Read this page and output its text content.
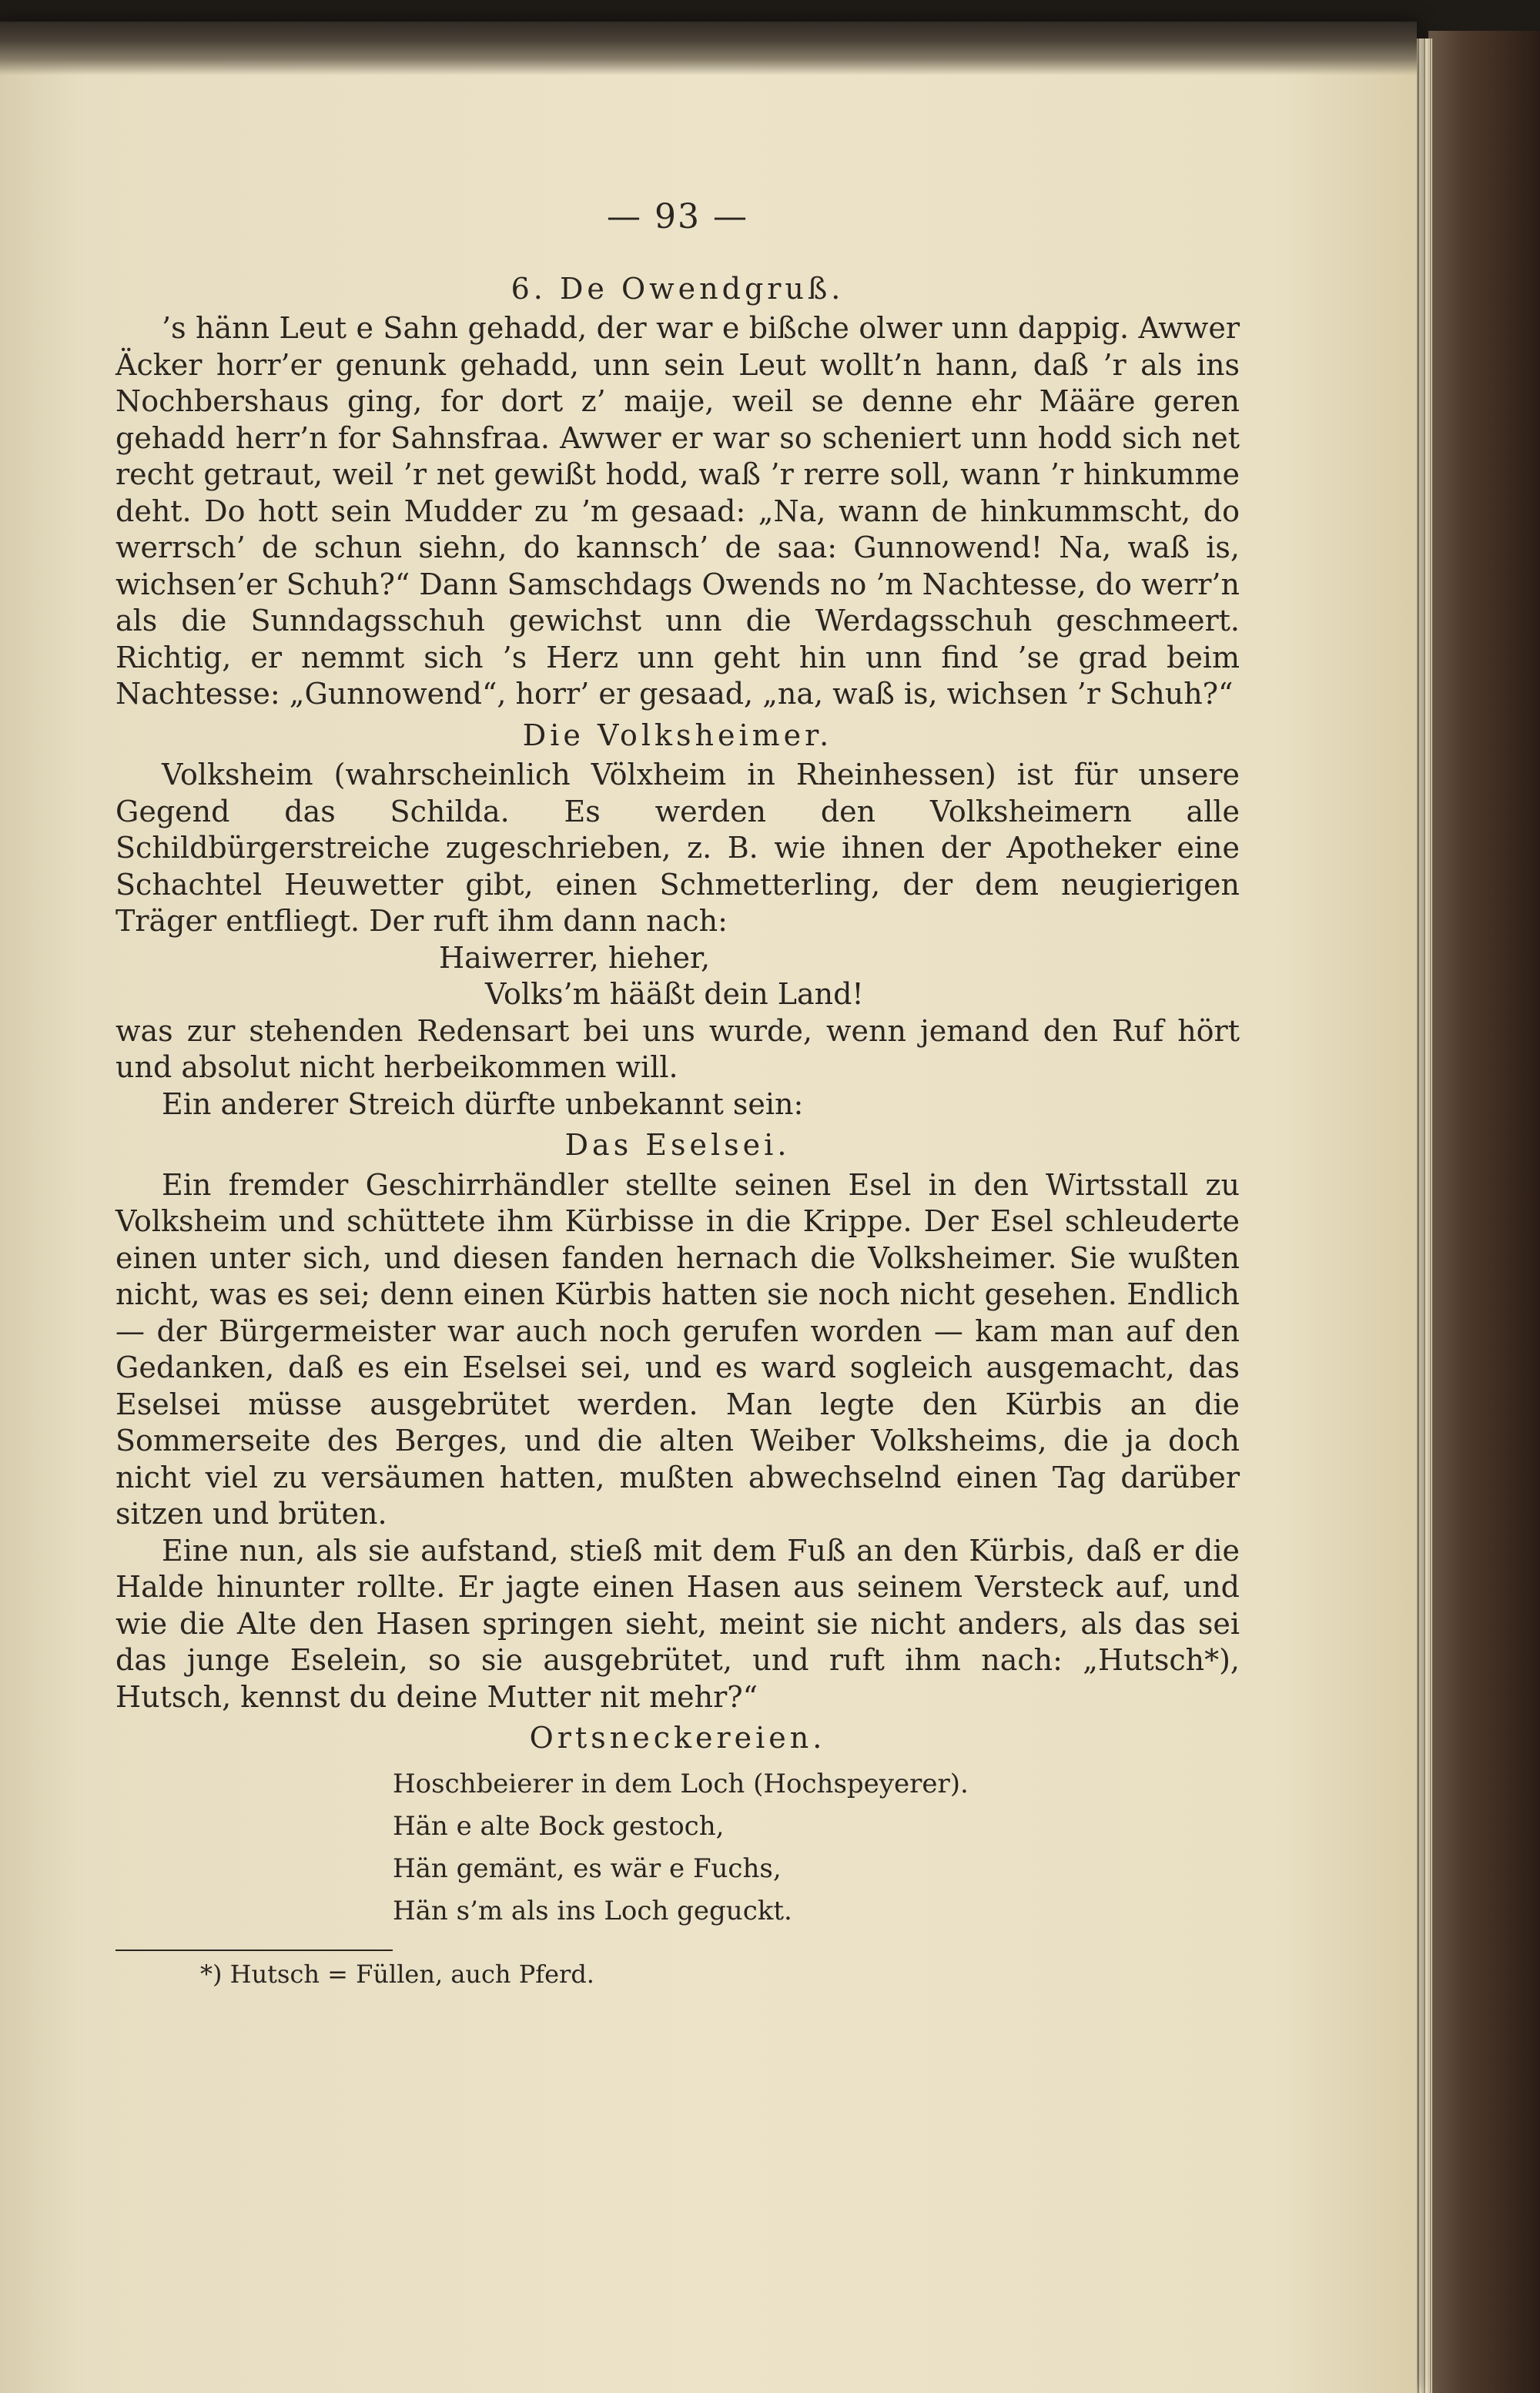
— 93 —
6. De Owendgruß.

’s hänn Leut e Sahn gehadd, der war e bißche olwer unn dappig. Awwer Äcker horr’er genunk gehadd, unn sein Leut wollt’n hann, daß ’r als ins Nochbershaus ging, for dort z’ maije, weil se denne ehr Määre geren gehadd herr’n for Sahnsfraa. Awwer er war so scheniert unn hodd sich net recht getraut, weil ’r net gewißt hodd, waß ’r rerre soll, wann ’r hinkumme deht. Do hott sein Mudder zu ’m gesaad: „Na, wann de hinkummscht, do werrsch’ de schun siehn, do kannsch’ de saa: Gunnowend! Na, waß is, wichsen’er Schuh?“ Dann Samschdags Owends no ’m Nachtesse, do werr’n als die Sunndagsschuh gewichst unn die Werdagsschuh geschmeert. Richtig, er nemmt sich ’s Herz unn geht hin unn find ’se grad beim Nachtesse: „Gunnowend“, horr’ er gesaad, „na, waß is, wichsen ’r Schuh?“

Die Volksheimer.

Volksheim (wahrscheinlich Völxheim in Rheinhessen) ist für unsere Gegend das Schilda. Es werden den Volksheimern alle Schildbürgerstreiche zugeschrieben, z. B. wie ihnen der Apotheker eine Schachtel Heuwetter gibt, einen Schmetterling, der dem neugierigen Träger entfliegt. Der ruft ihm dann nach:

Haiwerrer, hieher,
Volks’m hääßt dein Land!

was zur stehenden Redensart bei uns wurde, wenn jemand den Ruf hört und absolut nicht herbeikommen will.

Ein anderer Streich dürfte unbekannt sein:

Das Eselsei.

Ein fremder Geschirrhändler stellte seinen Esel in den Wirtsstall zu Volksheim und schüttete ihm Kürbisse in die Krippe. Der Esel schleuderte einen unter sich, und diesen fanden hernach die Volksheimer. Sie wußten nicht, was es sei; denn einen Kürbis hatten sie noch nicht gesehen. Endlich — der Bürgermeister war auch noch gerufen worden — kam man auf den Gedanken, daß es ein Eselsei sei, und es ward sogleich ausgemacht, das Eselsei müsse ausgebrütet werden. Man legte den Kürbis an die Sommerseite des Berges, und die alten Weiber Volksheims, die ja doch nicht viel zu versäumen hatten, mußten abwechselnd einen Tag darüber sitzen und brüten.

Eine nun, als sie aufstand, stieß mit dem Fuß an den Kürbis, daß er die Halde hinunter rollte. Er jagte einen Hasen aus seinem Versteck auf, und wie die Alte den Hasen springen sieht, meint sie nicht anders, als das sei das junge Eselein, so sie ausgebrütet, und ruft ihm nach: „Hutsch*), Hutsch, kennst du deine Mutter nit mehr?“

Ortsneckereien.
Hoschbeierer in dem Loch (Hochspeyerer).
Hän e alte Bock gestoch,
Hän gemänt, es wär e Fuchs,
Hän s’m als ins Loch geguckt.
*) Hutsch = Füllen, auch Pferd.
